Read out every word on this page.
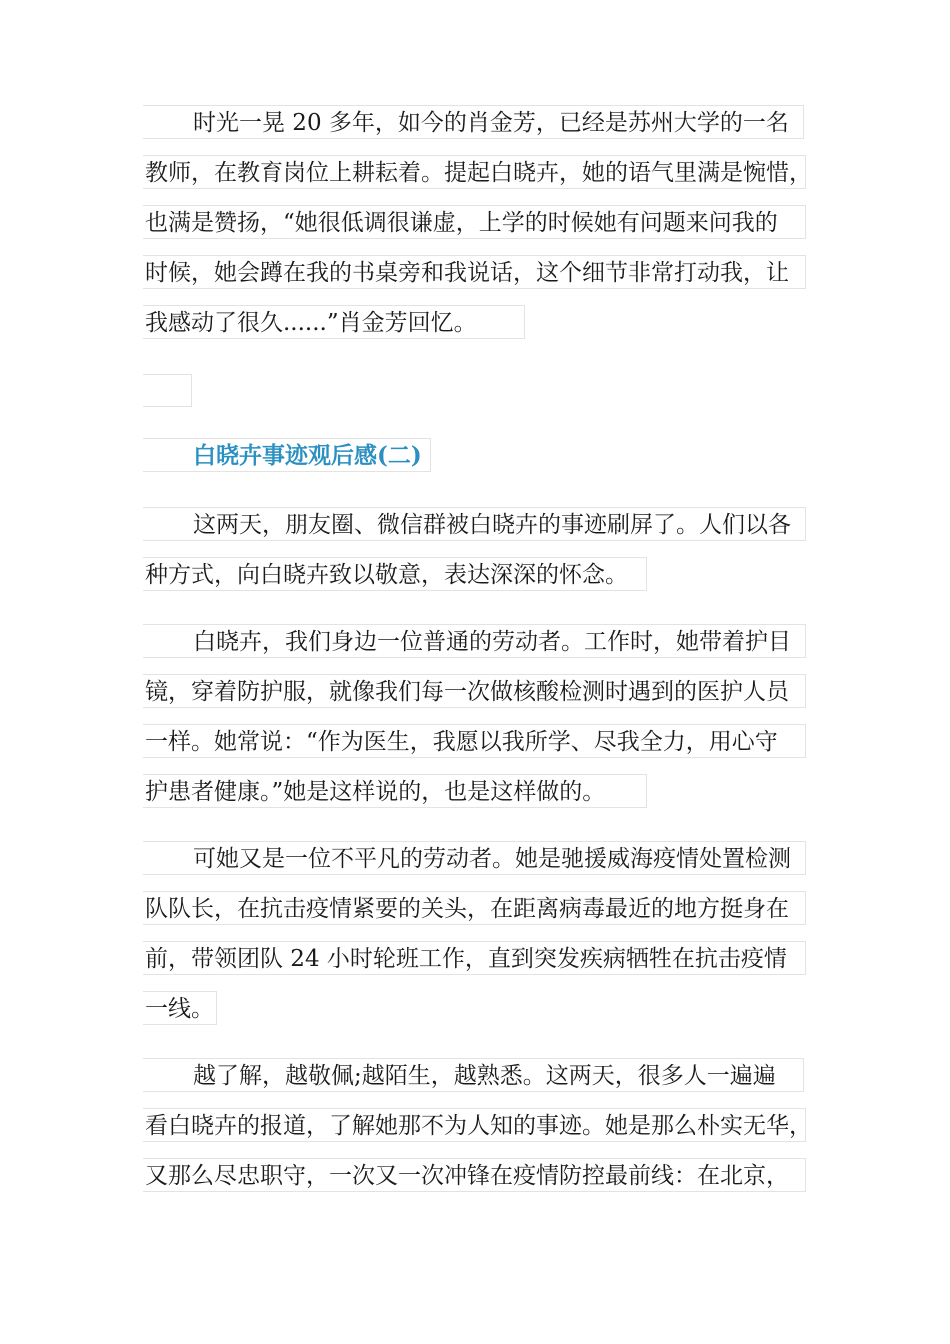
时光一晃 20 多年，如今的肖金芳，已经是苏州大学的一名
教师，在教育岗位上耕耘着。提起白晓卉，她的语气里满是惋惜，
也满是赞扬，“她很低调很谦虚，上学的时候她有问题来问我的
时候，她会蹲在我的书桌旁和我说话，这个细节非常打动我，让
我感动了很久......”肖金芳回忆。
白晓卉事迹观后感(二)
这两天，朋友圈、微信群被白晓卉的事迹刷屏了。人们以各
种方式，向白晓卉致以敬意，表达深深的怀念。
白晓卉，我们身边一位普通的劳动者。工作时，她带着护目
镜，穿着防护服，就像我们每一次做核酸检测时遇到的医护人员
一样。她常说：“作为医生，我愿以我所学、尽我全力，用心守
护患者健康。”她是这样说的，也是这样做的。
可她又是一位不平凡的劳动者。她是驰援威海疫情处置检测
队队长，在抗击疫情紧要的关头，在距离病毒最近的地方挺身在
前，带领团队 24 小时轮班工作，直到突发疾病牺牲在抗击疫情
一线。
越了解，越敬佩;越陌生，越熟悉。这两天，很多人一遍遍
看白晓卉的报道，了解她那不为人知的事迹。她是那么朴实无华，
又那么尽忠职守，一次又一次冲锋在疫情防控最前线：在北京，
